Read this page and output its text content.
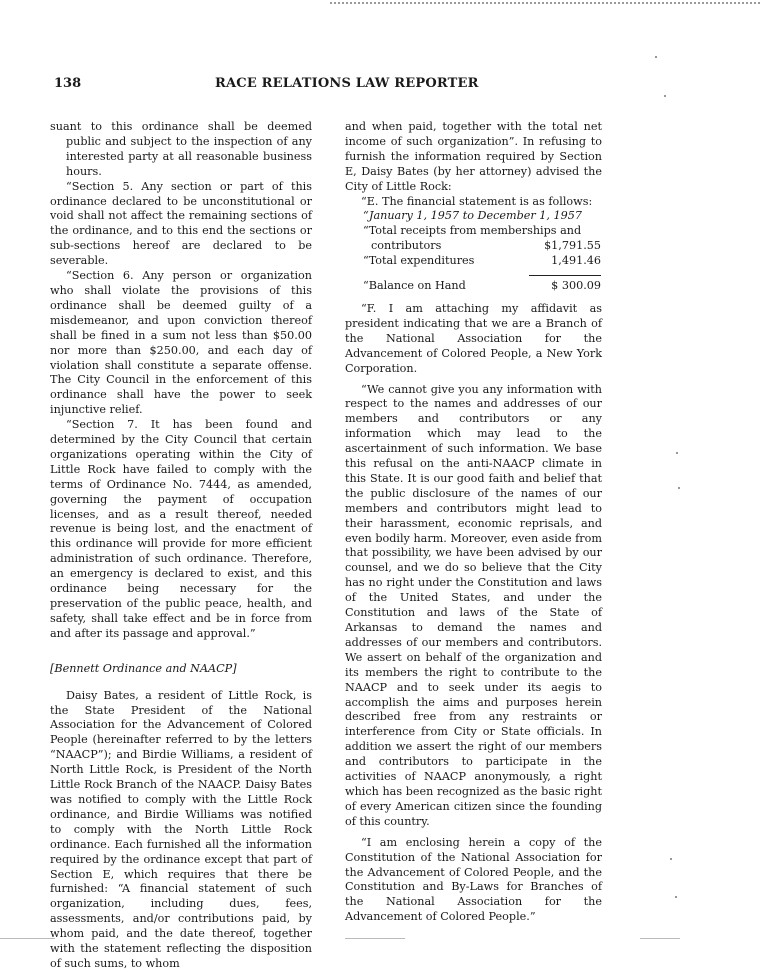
138	RACE RELATIONS LAW REPORTER

suant to this ordinance shall be deemed public and subject to the inspection of any interested party at all reasonable business hours.

“Section 5. Any section or part of this ordinance declared to be unconstitutional or void shall not affect the remaining sections of the ordinance, and to this end the sections or sub-sections hereof are declared to be severable.

“Section 6. Any person or organization who shall violate the provisions of this ordinance shall be deemed guilty of a misdemeanor, and upon conviction thereof shall be fined in a sum not less than $50.00 nor more than $250.00, and each day of violation shall constitute a separate offense. The City Council in the enforcement of this ordinance shall have the power to seek injunctive relief.

“Section 7. It has been found and determined by the City Council that certain organizations operating within the City of Little Rock have failed to comply with the terms of Ordinance No. 7444, as amended, governing the payment of occupation licenses, and as a result thereof, needed revenue is being lost, and the enactment of this ordinance will provide for more efficient administration of such ordinance. Therefore, an emergency is declared to exist, and this ordinance being necessary for the preservation of the public peace, health, and safety, shall take effect and be in force from and after its passage and approval.”

[Bennett Ordinance and NAACP]

Daisy Bates, a resident of Little Rock, is the State President of the National Association for the Advancement of Colored People (hereinafter referred to by the letters “NAACP”); and Birdie Williams, a resident of North Little Rock, is President of the North Little Rock Branch of the NAACP. Daisy Bates was notified to comply with the Little Rock ordinance, and Birdie Williams was notified to comply with the North Little Rock ordinance. Each furnished all the information required by the ordinance except that part of Section E, which requires that there be furnished: “A financial statement of such organization, including dues, fees, assessments, and/or contributions paid, by whom paid, and the date thereof, together with the statement reflecting the disposition of such sums, to whom

and when paid, together with the total net income of such organization”. In refusing to furnish the information required by Section E, Daisy Bates (by her attorney) advised the City of Little Rock:

“E. The financial statement is as follows:

“January 1, 1957 to December 1, 1957
“Total receipts from memberships and
contributors	$1,791.55
“Total expenditures	1,491.46
“Balance on Hand	$ 300.09

“F. I am attaching my affidavit as president indicating that we are a Branch of the National Association for the Advancement of Colored People, a New York Corporation.

“We cannot give you any information with respect to the names and addresses of our members and contributors or any information which may lead to the ascertainment of such information. We base this refusal on the anti-NAACP climate in this State. It is our good faith and belief that the public disclosure of the names of our members and contributors might lead to their harassment, economic reprisals, and even bodily harm. Moreover, even aside from that possibility, we have been advised by our counsel, and we do so believe that the City has no right under the Constitution and laws of the United States, and under the Constitution and laws of the State of Arkansas to demand the names and addresses of our members and contributors. We assert on behalf of the organization and its members the right to contribute to the NAACP and to seek under its aegis to accomplish the aims and purposes herein described free from any restraints or interference from City or State officials. In addition we assert the right of our members and contributors to participate in the activities of NAACP anonymously, a right which has been recognized as the basic right of every American citizen since the founding of this country.

“I am enclosing herein a copy of the Constitution of the National Association for the Advancement of Colored People, and the Constitution and By-Laws for Branches of the National Association for the Advancement of Colored People.”
